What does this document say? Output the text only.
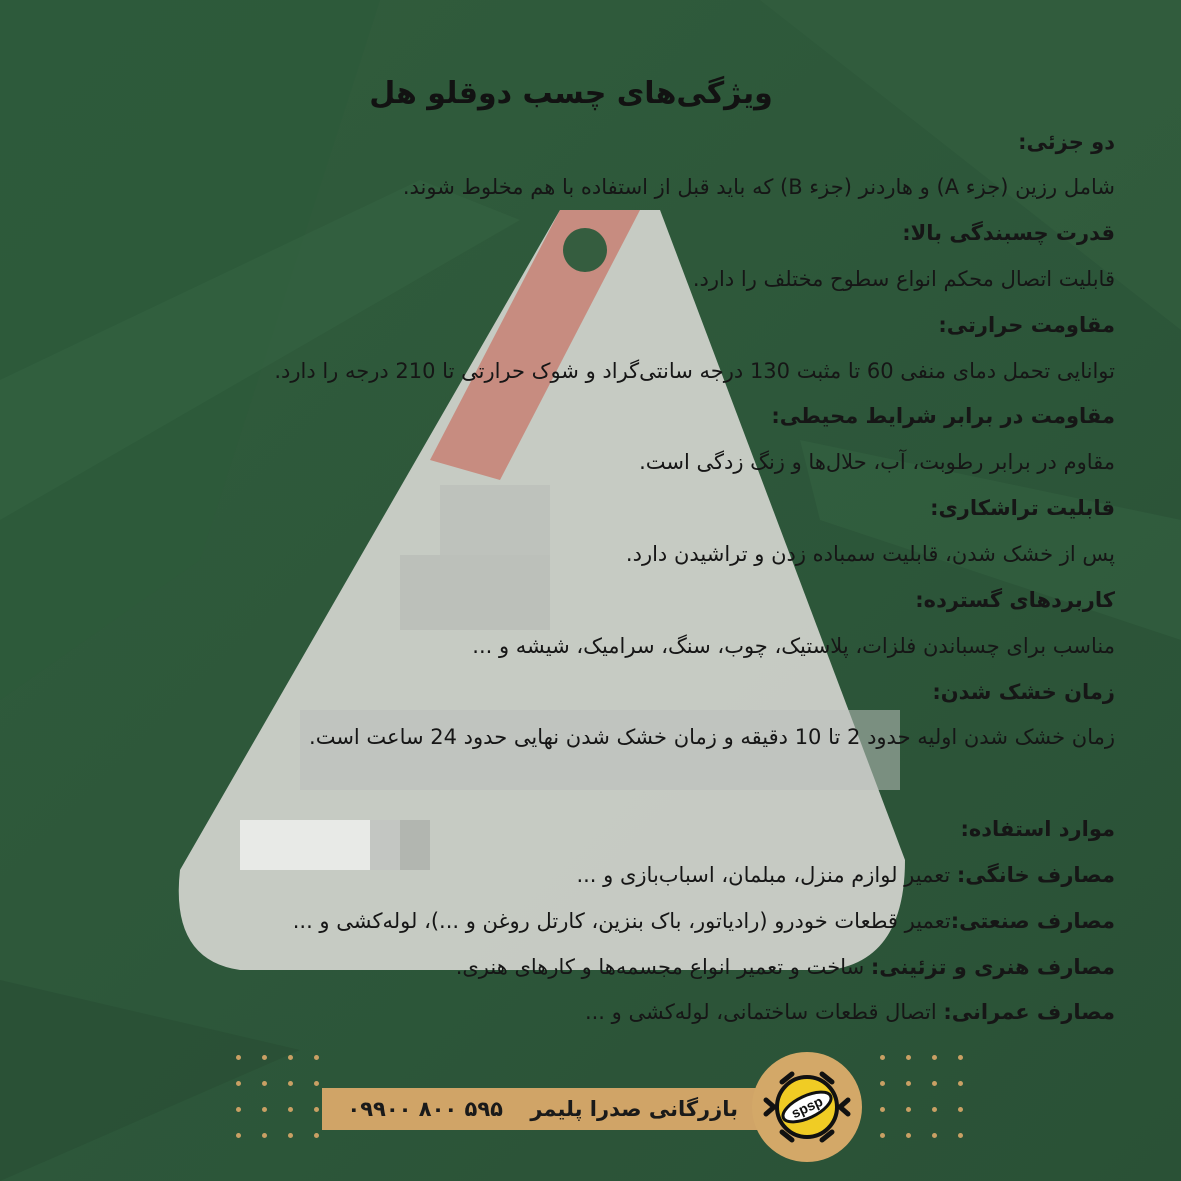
ویژگی‌های چسب دوقلو هل
دو جزئی:
شامل رزین (جزء A) و هاردنر (جزء B) که باید قبل از استفاده با هم مخلوط شوند.
قدرت چسبندگی بالا:
قابلیت اتصال محکم انواع سطوح مختلف را دارد.
مقاومت حرارتی:
توانایی تحمل دمای منفی 60 تا مثبت 130 درجه سانتی‌گراد و شوک حرارتی تا 210 درجه را دارد.
مقاومت در برابر شرایط محیطی:
مقاوم در برابر رطوبت، آب، حلال‌ها و زنگ زدگی است.
قابلیت تراشکاری:
پس از خشک شدن، قابلیت سمباده زدن و تراشیدن دارد.
کاربردهای گسترده:
مناسب برای چسباندن فلزات، پلاستیک، چوب، سنگ، سرامیک، شیشه و ...
زمان خشک شدن:
زمان خشک شدن اولیه حدود 2 تا 10 دقیقه و زمان خشک شدن نهایی حدود 24 ساعت است.
موارد استفاده:
مصارف خانگی: تعمیر لوازم منزل، مبلمان، اسباب‌بازی و ...
مصارف صنعتی:تعمیر قطعات خودرو (رادیاتور، باک بنزین، کارتل روغن و ...)، لوله‌کشی و ...
مصارف هنری و تزئینی: ساخت و تعمیر انواع مجسمه‌ها و کارهای هنری.
مصارف عمرانی: اتصال قطعات ساختمانی، لوله‌کشی و ...
بازرگانی صدرا پلیمر ۰۹۹۰۰ ۸۰۰ ۵۹۵	spsp
